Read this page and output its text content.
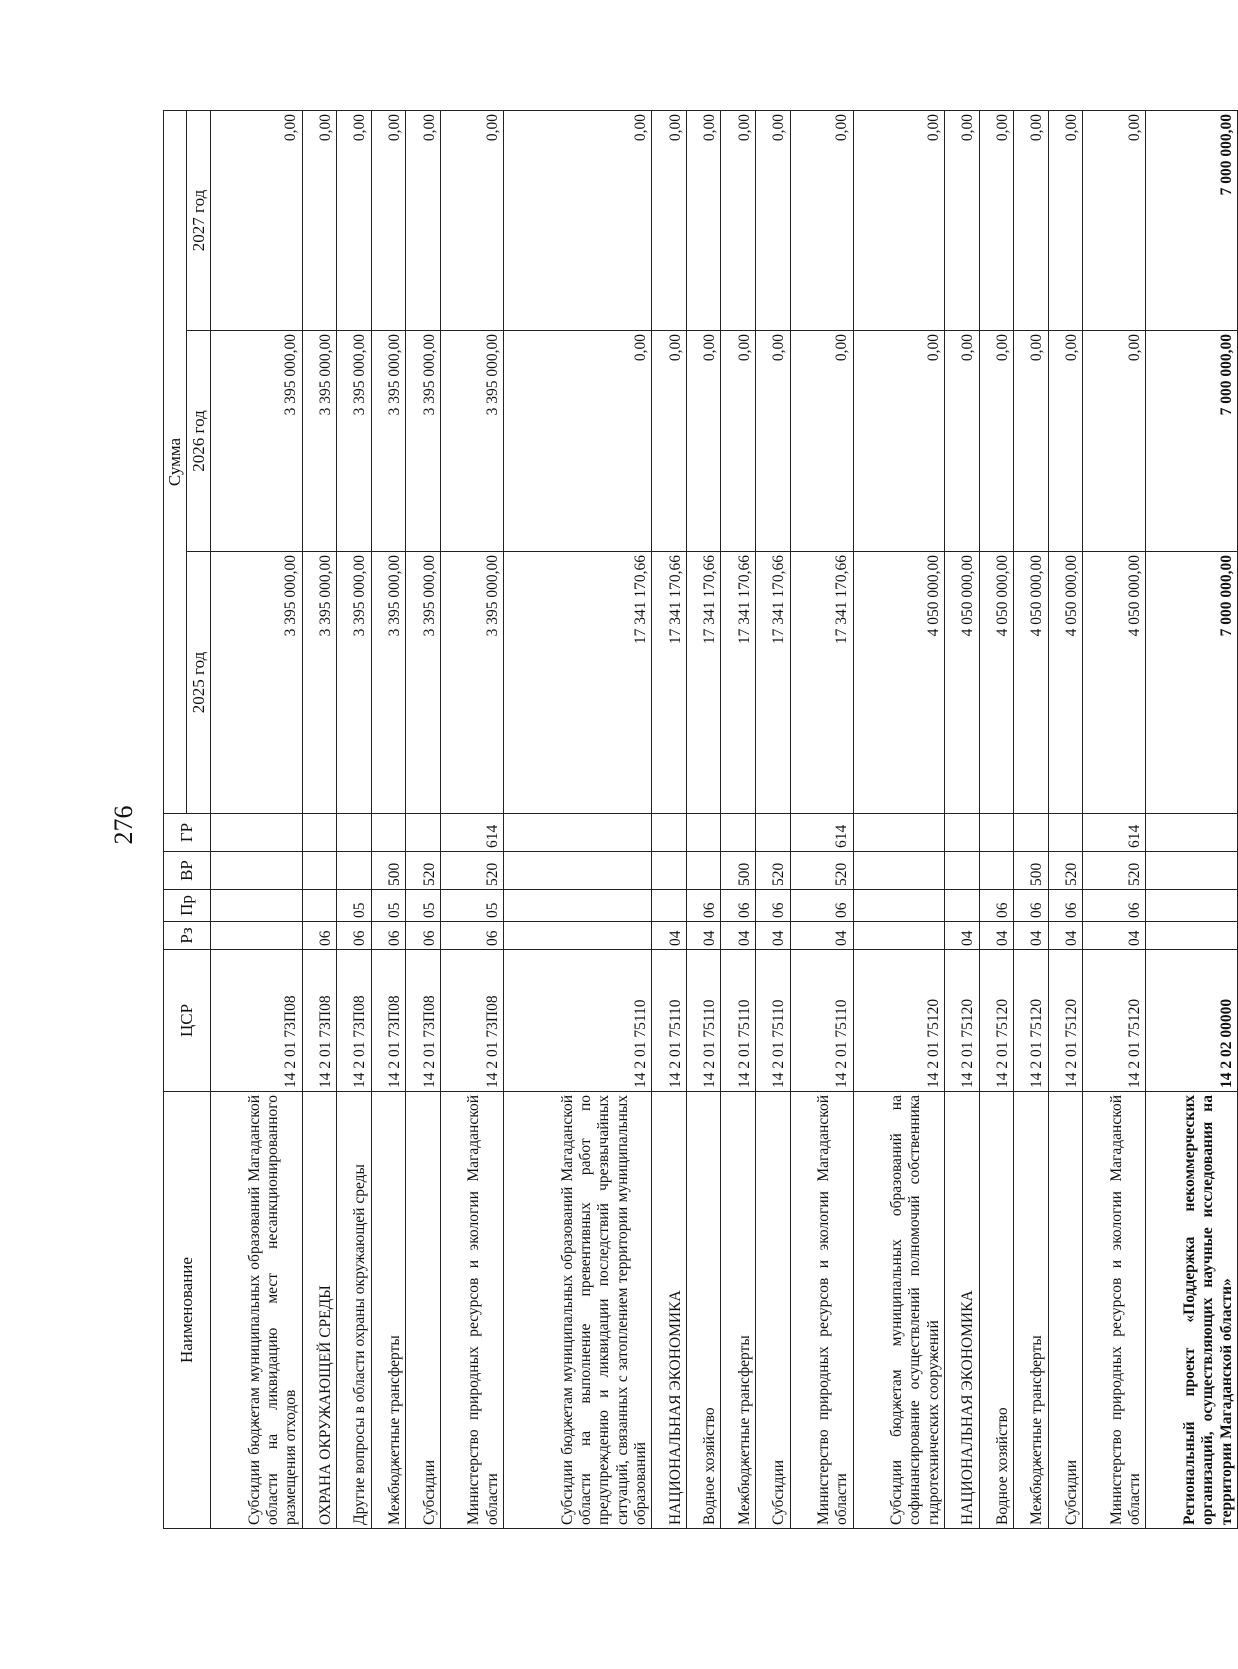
276
Наименование	ЦСР	Рз	Пр	ВР	ГР	Сумма		
						2025 год	2026 год	2027 год
Субсидии бюджетам муниципальных образований Магаданской области на ликвидацию мест несанкционированного размещения отходов	14 2 01 73П08					3 395 000,00	3 395 000,00	0,00
ОХРАНА ОКРУЖАЮЩЕЙ СРЕДЫ	14 2 01 73П08	06				3 395 000,00	3 395 000,00	0,00
Другие вопросы в области охраны окружающей среды	14 2 01 73П08	06	05			3 395 000,00	3 395 000,00	0,00
Межбюджетные трансферты	14 2 01 73П08	06	05	500		3 395 000,00	3 395 000,00	0,00
Субсидии	14 2 01 73П08	06	05	520		3 395 000,00	3 395 000,00	0,00
Министерство природных ресурсов и экологии Магаданской области	14 2 01 73П08	06	05	520	614	3 395 000,00	3 395 000,00	0,00
Субсидии бюджетам муниципальных образований Магаданской области на выполнение превентивных работ по предупреждению и ликвидации последствий чрезвычайных ситуаций, связанных с затоплением территории муниципальных образований	14 2 01 75110					17 341 170,66	0,00	0,00
НАЦИОНАЛЬНАЯ ЭКОНОМИКА	14 2 01 75110	04				17 341 170,66	0,00	0,00
Водное хозяйство	14 2 01 75110	04	06			17 341 170,66	0,00	0,00
Межбюджетные трансферты	14 2 01 75110	04	06	500		17 341 170,66	0,00	0,00
Субсидии	14 2 01 75110	04	06	520		17 341 170,66	0,00	0,00
Министерство природных ресурсов и экологии Магаданской области	14 2 01 75110	04	06	520	614	17 341 170,66	0,00	0,00
Субсидии бюджетам муниципальных образований на софинансирование осуществлений полномочий собственника гидротехнических сооружений	14 2 01 75120					4 050 000,00	0,00	0,00
НАЦИОНАЛЬНАЯ ЭКОНОМИКА	14 2 01 75120	04				4 050 000,00	0,00	0,00
Водное хозяйство	14 2 01 75120	04	06			4 050 000,00	0,00	0,00
Межбюджетные трансферты	14 2 01 75120	04	06	500		4 050 000,00	0,00	0,00
Субсидии	14 2 01 75120	04	06	520		4 050 000,00	0,00	0,00
Министерство природных ресурсов и экологии Магаданской области	14 2 01 75120	04	06	520	614	4 050 000,00	0,00	0,00
Региональный проект «Поддержка некоммерческих организаций, осуществляющих научные исследования на территории Магаданской области»	14 2 02 00000					7 000 000,00	7 000 000,00	7 000 000,00
